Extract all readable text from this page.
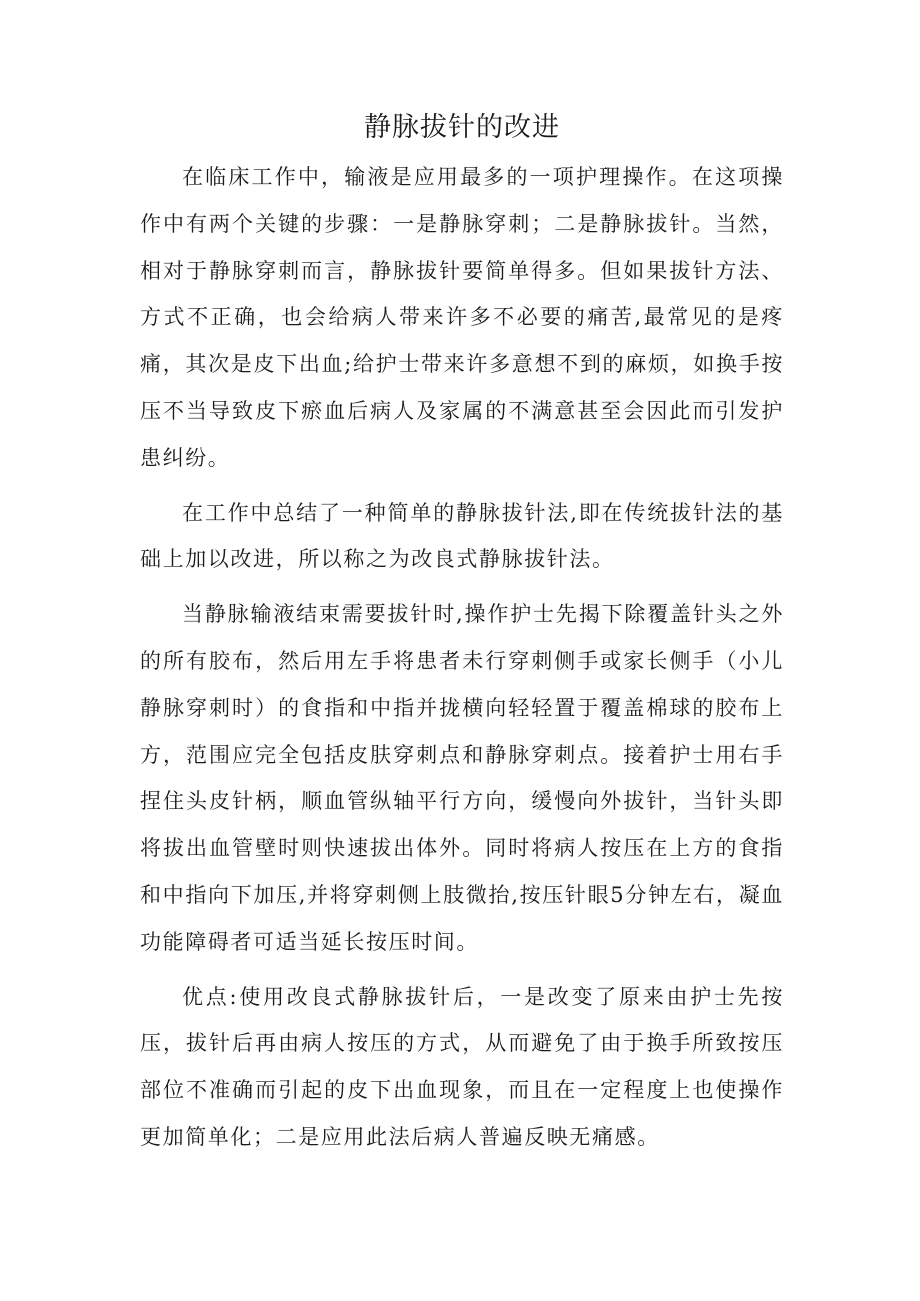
静脉拔针的改进

在临床工作中，输液是应用最多的一项护理操作。在这项操作中有两个关键的步骤：一是静脉穿刺；二是静脉拔针。当然，相对于静脉穿刺而言，静脉拔针要简单得多。但如果拔针方法、方式不正确，也会给病人带来许多不必要的痛苦,最常见的是疼痛，其次是皮下出血;给护士带来许多意想不到的麻烦，如换手按压不当导致皮下瘀血后病人及家属的不满意甚至会因此而引发护患纠纷。

在工作中总结了一种简单的静脉拔针法,即在传统拔针法的基础上加以改进，所以称之为改良式静脉拔针法。

当静脉输液结束需要拔针时,操作护士先揭下除覆盖针头之外的所有胶布，然后用左手将患者未行穿刺侧手或家长侧手（小儿静脉穿刺时）的食指和中指并拢横向轻轻置于覆盖棉球的胶布上方，范围应完全包括皮肤穿刺点和静脉穿刺点。接着护士用右手捏住头皮针柄，顺血管纵轴平行方向，缓慢向外拔针，当针头即将拔出血管壁时则快速拔出体外。同时将病人按压在上方的食指和中指向下加压,并将穿刺侧上肢微抬,按压针眼5分钟左右，凝血功能障碍者可适当延长按压时间。

优点:使用改良式静脉拔针后，一是改变了原来由护士先按压，拔针后再由病人按压的方式，从而避免了由于换手所致按压部位不准确而引起的皮下出血现象，而且在一定程度上也使操作更加简单化；二是应用此法后病人普遍反映无痛感。
